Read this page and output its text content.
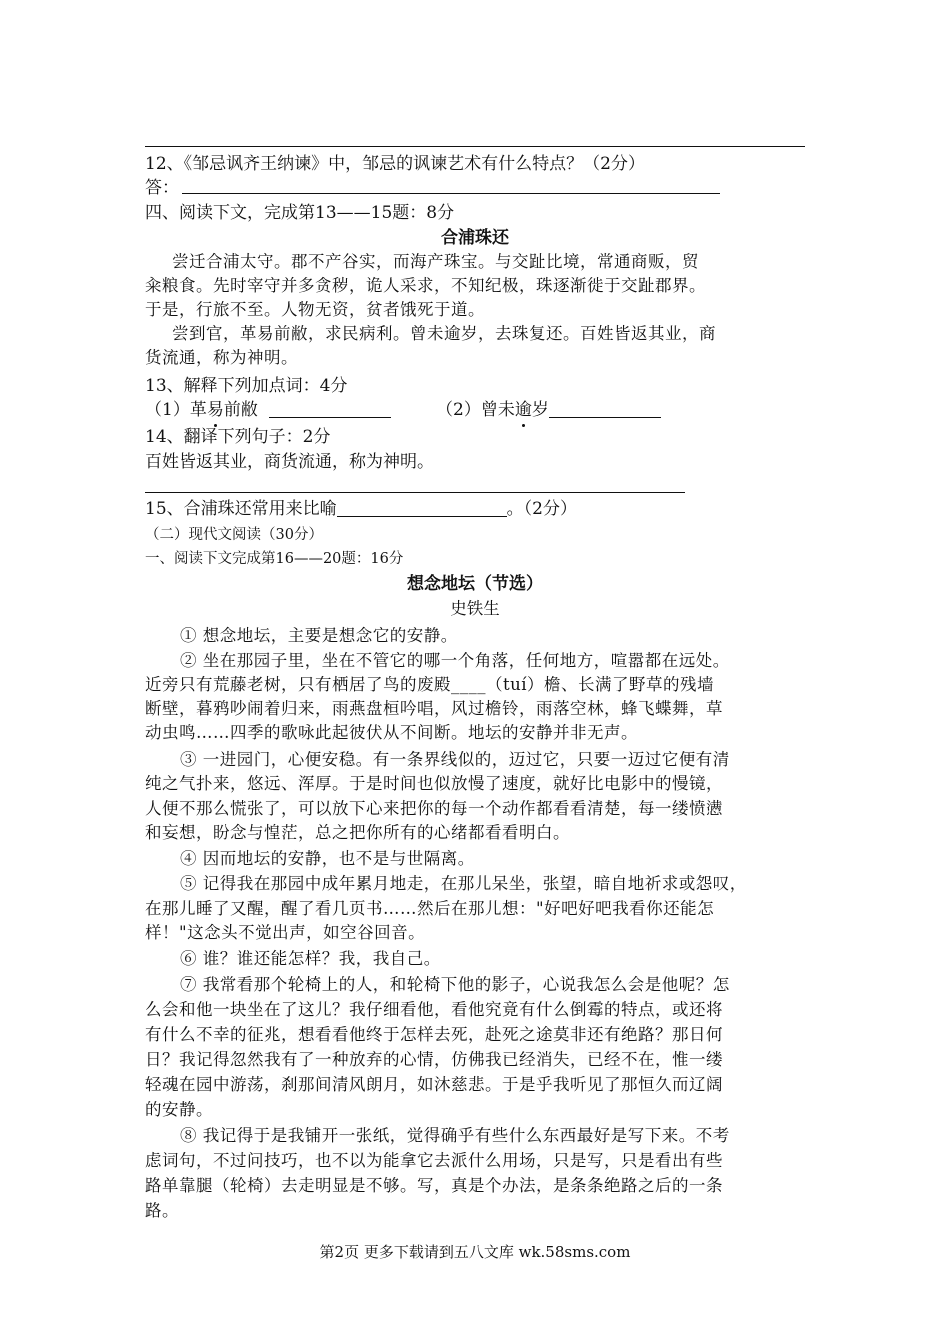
12、《邹忌讽齐王纳谏》中，邹忌的讽谏艺术有什么特点？（2分）
答：
四、阅读下文，完成第13——15题：8分
合浦珠还
尝迁合浦太守。郡不产谷实，而海产珠宝。与交趾比境，常通商贩，贸
籴粮食。先时宰守并多贪秽，诡人采求，不知纪极，珠逐渐徙于交趾郡界。
于是，行旅不至。人物无资，贫者饿死于道。
尝到官，革易前敝，求民病利。曾未逾岁，去珠复还。百姓皆返其业，商
货流通，称为神明。
13、解释下列加点词：4分
（1）革易前敝	（2）曾未逾岁
14、翻译下列句子：2分
百姓皆返其业，商货流通，称为神明。
15、合浦珠还常用来比喻	。（2分）
（二）现代文阅读（30分）
一、阅读下文完成第16——20题：16分
想念地坛（节选）
史铁生
① 想念地坛，主要是想念它的安静。
② 坐在那园子里，坐在不管它的哪一个角落，任何地方，喧嚣都在远处。
近旁只有荒藤老树，只有栖居了鸟的废殿____（tuí）檐、长满了野草的残墙
断壁，暮鸦吵闹着归来，雨燕盘桓吟唱，风过檐铃，雨落空林，蜂飞蝶舞，草
动虫鸣……四季的歌咏此起彼伏从不间断。地坛的安静并非无声。
③ 一进园门，心便安稳。有一条界线似的，迈过它，只要一迈过它便有清
纯之气扑来，悠远、浑厚。于是时间也似放慢了速度，就好比电影中的慢镜，
人便不那么慌张了，可以放下心来把你的每一个动作都看看清楚，每一缕愤懑
和妄想，盼念与惶茫，总之把你所有的心绪都看看明白。
④ 因而地坛的安静，也不是与世隔离。
⑤ 记得我在那园中成年累月地走，在那儿呆坐，张望，暗自地祈求或怨叹，
在那儿睡了又醒，醒了看几页书……然后在那儿想："好吧好吧我看你还能怎
样！"这念头不觉出声，如空谷回音。
⑥ 谁？谁还能怎样？我，我自己。
⑦ 我常看那个轮椅上的人，和轮椅下他的影子，心说我怎么会是他呢？怎
么会和他一块坐在了这儿？我仔细看他，看他究竟有什么倒霉的特点，或还将
有什么不幸的征兆，想看看他终于怎样去死，赴死之途莫非还有绝路？那日何
日？我记得忽然我有了一种放弃的心情，仿佛我已经消失，已经不在，惟一缕
轻魂在园中游荡，刹那间清风朗月，如沐慈悲。于是乎我听见了那恒久而辽阔
的安静。
⑧ 我记得于是我铺开一张纸，觉得确乎有些什么东西最好是写下来。不考
虑词句，不过问技巧，也不以为能拿它去派什么用场，只是写，只是看出有些
路单靠腿（轮椅）去走明显是不够。写，真是个办法，是条条绝路之后的一条
路。
第2页 更多下载请到五八文库 wk.58sms.com
